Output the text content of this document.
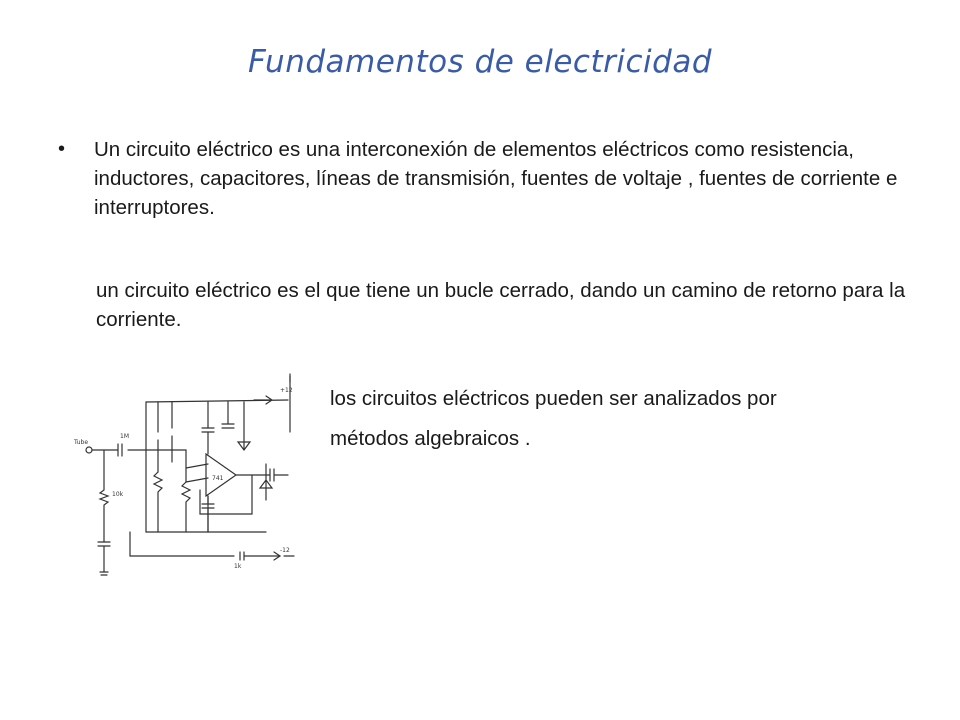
Fundamentos de electricidad
• Un circuito eléctrico es una interconexión de elementos eléctricos como resistencia, inductores, capacitores, líneas de transmisión, fuentes de voltaje , fuentes de corriente e interruptores.
un circuito eléctrico es el que tiene un bucle cerrado, dando un camino de retorno para la corriente.
los circuitos eléctricos pueden ser analizados por
métodos algebraicos .
+12
-12
741
Tube
10k
1M
1k
